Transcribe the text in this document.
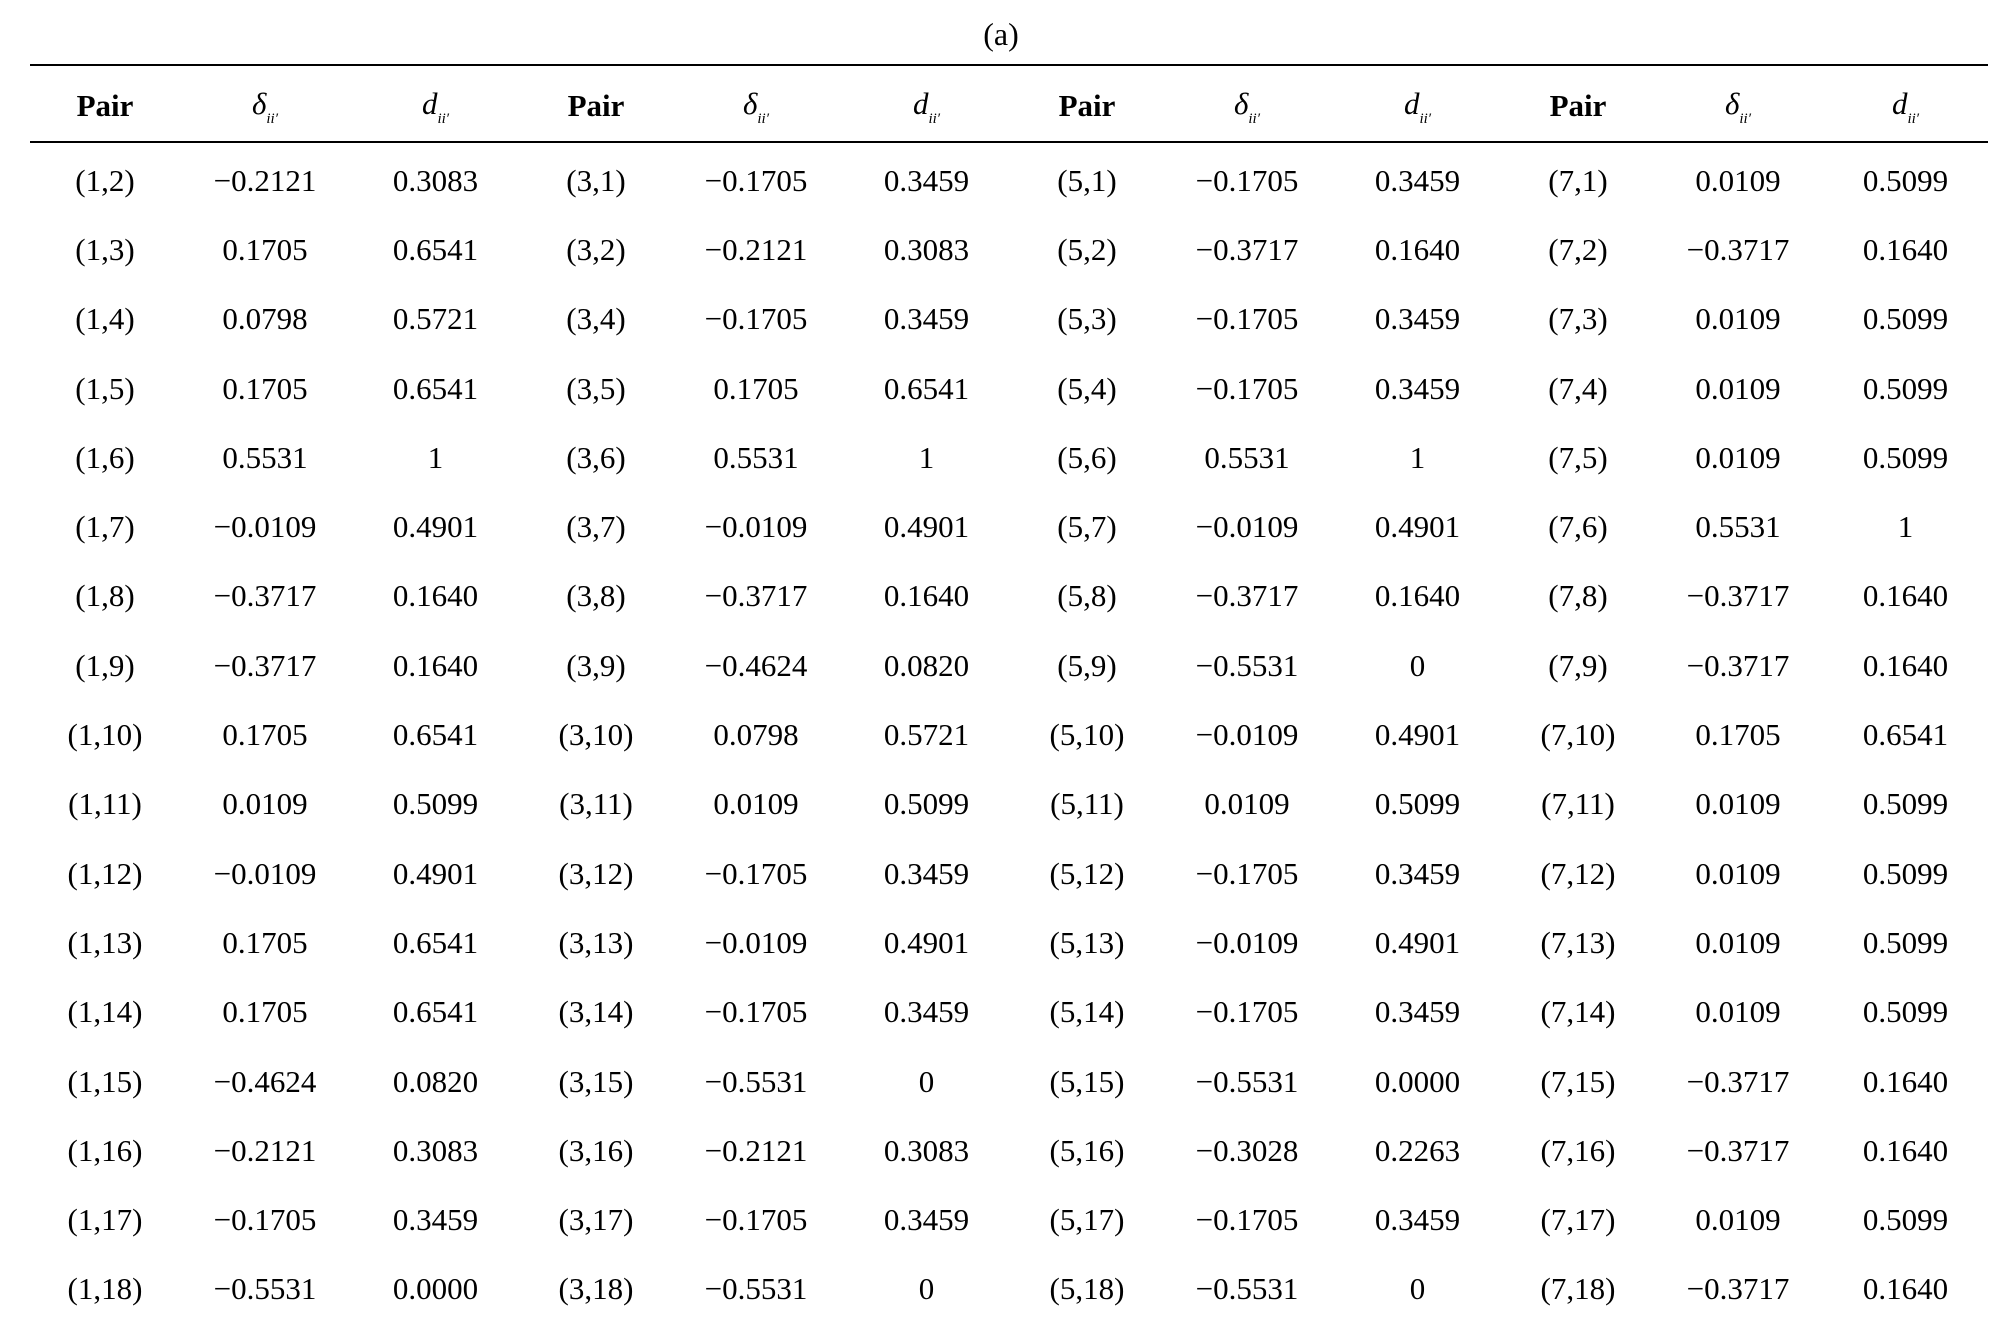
(a)
Pair	$\delta_{ii'}$	$d_{ii'}$	Pair	$\delta_{ii'}$	$d_{ii'}$	Pair	$\delta_{ii'}$	$d_{ii'}$	Pair	$\delta_{ii'}$	$d_{ii'}$
(1,2)	−0.2121	0.3083	(3,1)	−0.1705	0.3459	(5,1)	−0.1705	0.3459	(7,1)	0.0109	0.5099
(1,3)	0.1705	0.6541	(3,2)	−0.2121	0.3083	(5,2)	−0.3717	0.1640	(7,2)	−0.3717	0.1640
(1,4)	0.0798	0.5721	(3,4)	−0.1705	0.3459	(5,3)	−0.1705	0.3459	(7,3)	0.0109	0.5099
(1,5)	0.1705	0.6541	(3,5)	0.1705	0.6541	(5,4)	−0.1705	0.3459	(7,4)	0.0109	0.5099
(1,6)	0.5531	1	(3,6)	0.5531	1	(5,6)	0.5531	1	(7,5)	0.0109	0.5099
(1,7)	−0.0109	0.4901	(3,7)	−0.0109	0.4901	(5,7)	−0.0109	0.4901	(7,6)	0.5531	1
(1,8)	−0.3717	0.1640	(3,8)	−0.3717	0.1640	(5,8)	−0.3717	0.1640	(7,8)	−0.3717	0.1640
(1,9)	−0.3717	0.1640	(3,9)	−0.4624	0.0820	(5,9)	−0.5531	0	(7,9)	−0.3717	0.1640
(1,10)	0.1705	0.6541	(3,10)	0.0798	0.5721	(5,10)	−0.0109	0.4901	(7,10)	0.1705	0.6541
(1,11)	0.0109	0.5099	(3,11)	0.0109	0.5099	(5,11)	0.0109	0.5099	(7,11)	0.0109	0.5099
(1,12)	−0.0109	0.4901	(3,12)	−0.1705	0.3459	(5,12)	−0.1705	0.3459	(7,12)	0.0109	0.5099
(1,13)	0.1705	0.6541	(3,13)	−0.0109	0.4901	(5,13)	−0.0109	0.4901	(7,13)	0.0109	0.5099
(1,14)	0.1705	0.6541	(3,14)	−0.1705	0.3459	(5,14)	−0.1705	0.3459	(7,14)	0.0109	0.5099
(1,15)	−0.4624	0.0820	(3,15)	−0.5531	0	(5,15)	−0.5531	0.0000	(7,15)	−0.3717	0.1640
(1,16)	−0.2121	0.3083	(3,16)	−0.2121	0.3083	(5,16)	−0.3028	0.2263	(7,16)	−0.3717	0.1640
(1,17)	−0.1705	0.3459	(3,17)	−0.1705	0.3459	(5,17)	−0.1705	0.3459	(7,17)	0.0109	0.5099
(1,18)	−0.5531	0.0000	(3,18)	−0.5531	0	(5,18)	−0.5531	0	(7,18)	−0.3717	0.1640
